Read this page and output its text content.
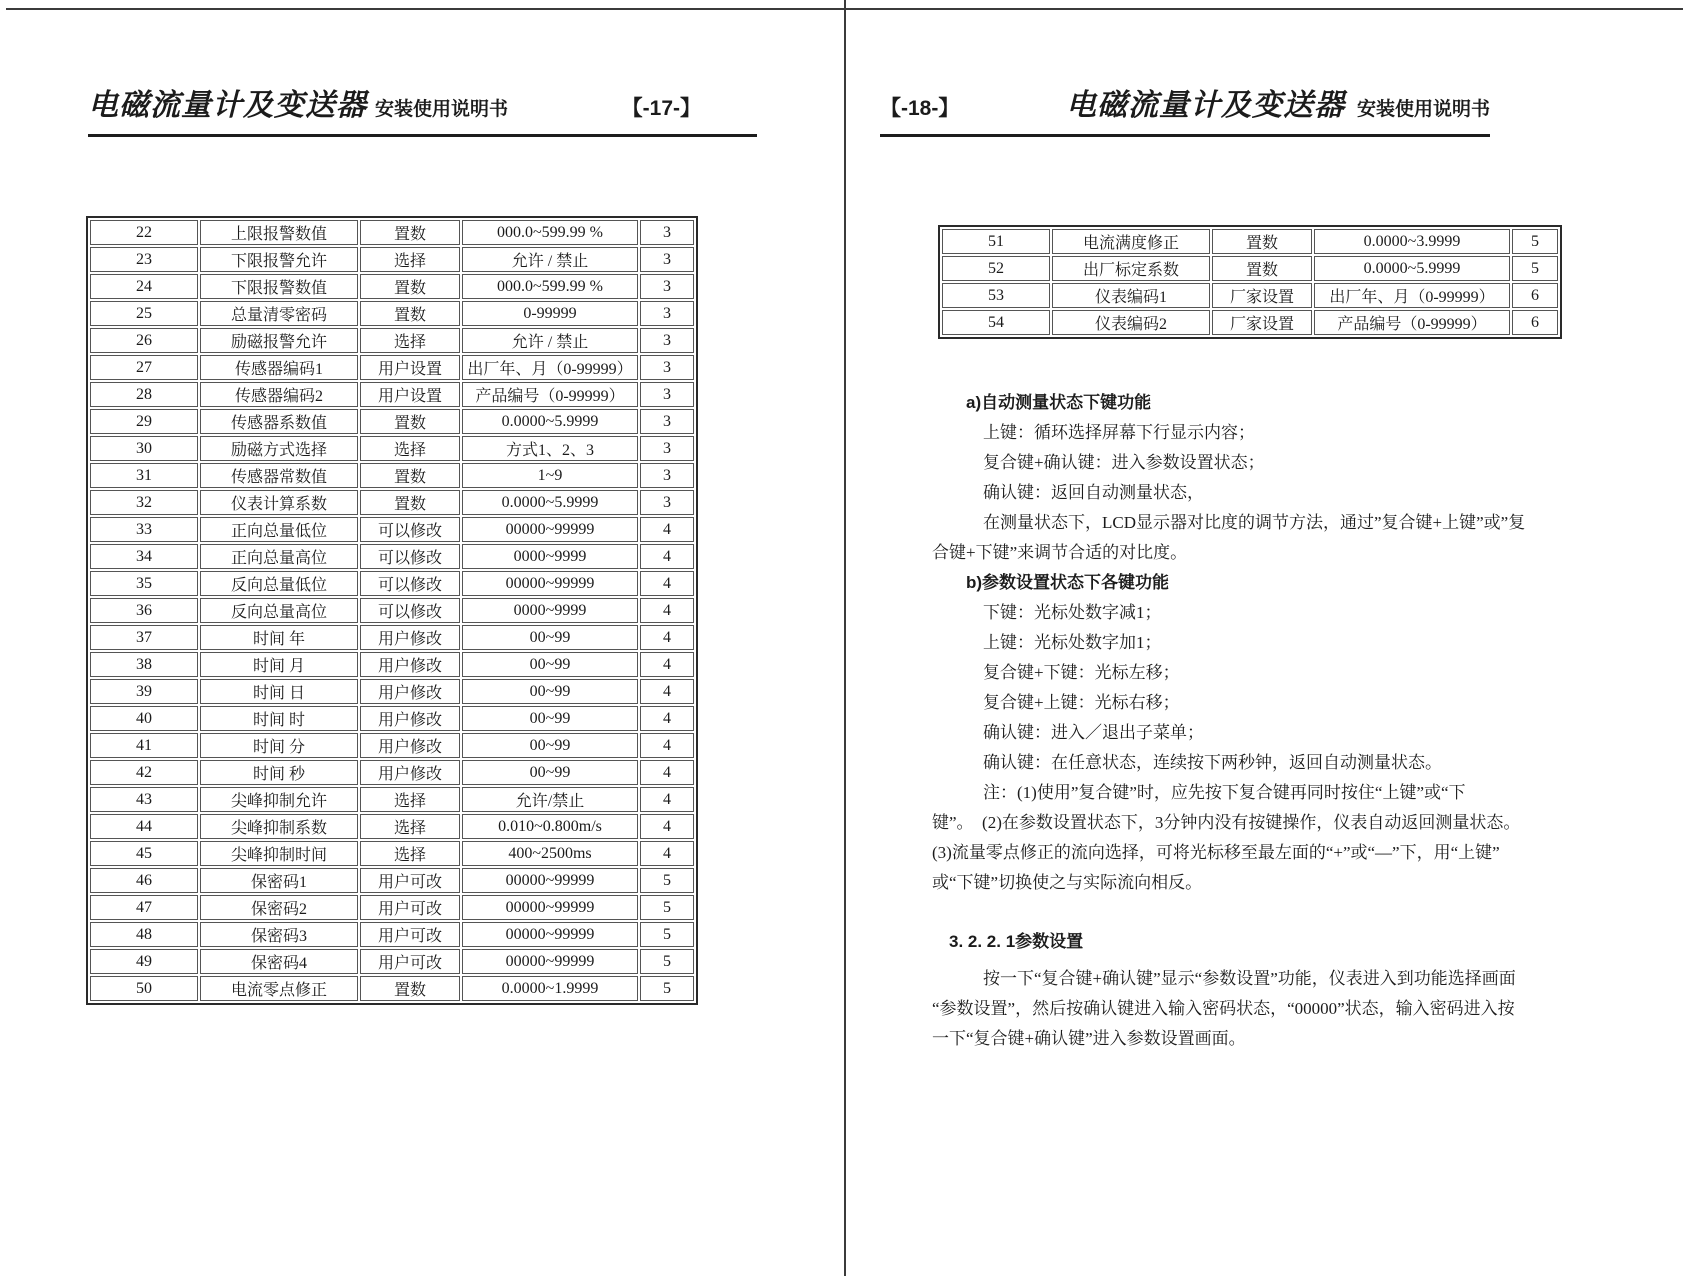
电磁流量计及变送器 安装使用说明书	【-17-】
22	上限报警数值	置数	000.0~599.99 %	3
23	下限报警允许	选择	允许 / 禁止	3
24	下限报警数值	置数	000.0~599.99 %	3
25	总量清零密码	置数	0-99999	3
26	励磁报警允许	选择	允许 / 禁止	3
27	传感器编码1	用户设置	出厂年、月（0-99999）	3
28	传感器编码2	用户设置	产品编号（0-99999）	3
29	传感器系数值	置数	0.0000~5.9999	3
30	励磁方式选择	选择	方式1、2、3	3
31	传感器常数值	置数	1~9	3
32	仪表计算系数	置数	0.0000~5.9999	3
33	正向总量低位	可以修改	00000~99999	4
34	正向总量高位	可以修改	0000~9999	4
35	反向总量低位	可以修改	00000~99999	4
36	反向总量高位	可以修改	0000~9999	4
37	时间 年	用户修改	00~99	4
38	时间 月	用户修改	00~99	4
39	时间 日	用户修改	00~99	4
40	时间 时	用户修改	00~99	4
41	时间 分	用户修改	00~99	4
42	时间 秒	用户修改	00~99	4
43	尖峰抑制允许	选择	允许/禁止	4
44	尖峰抑制系数	选择	0.010~0.800m/s	4
45	尖峰抑制时间	选择	400~2500ms	4
46	保密码1	用户可改	00000~99999	5
47	保密码2	用户可改	00000~99999	5
48	保密码3	用户可改	00000~99999	5
49	保密码4	用户可改	00000~99999	5
50	电流零点修正	置数	0.0000~1.9999	5
【-18-】	电磁流量计及变送器 安装使用说明书
51	电流满度修正	置数	0.0000~3.9999	5
52	出厂标定系数	置数	0.0000~5.9999	5
53	仪表编码1	厂家设置	出厂年、月（0-99999）	6
54	仪表编码2	厂家设置	产品编号（0-99999）	6
　　a)自动测量状态下键功能
　　　上键：循环选择屏幕下行显示内容；
　　　复合键+确认键：进入参数设置状态；
　　　确认键：返回自动测量状态，
　　　在测量状态下，LCD显示器对比度的调节方法，通过”复合键+上键”或”复
合键+下键”来调节合适的对比度。
　　b)参数设置状态下各键功能
　　　下键：光标处数字减1；
　　　上键：光标处数字加1；
　　　复合键+下键：光标左移；
　　　复合键+上键：光标右移；
　　　确认键：进入／退出子菜单；
　　　确认键：在任意状态，连续按下两秒钟，返回自动测量状态。
　　　注：(1)使用”复合键”时，应先按下复合键再同时按住“上键”或“下
键”。　(2)在参数设置状态下，3分钟内没有按键操作，仪表自动返回测量状态。
(3)流量零点修正的流向选择，可将光标移至最左面的“+”或“—”下，用“上键”
或“下键”切换使之与实际流向相反。
　3. 2. 2. 1参数设置
　　　按一下“复合键+确认键”显示“参数设置”功能，仪表进入到功能选择画面
“参数设置”，然后按确认键进入输入密码状态，“00000”状态，输入密码进入按
一下“复合键+确认键”进入参数设置画面。
